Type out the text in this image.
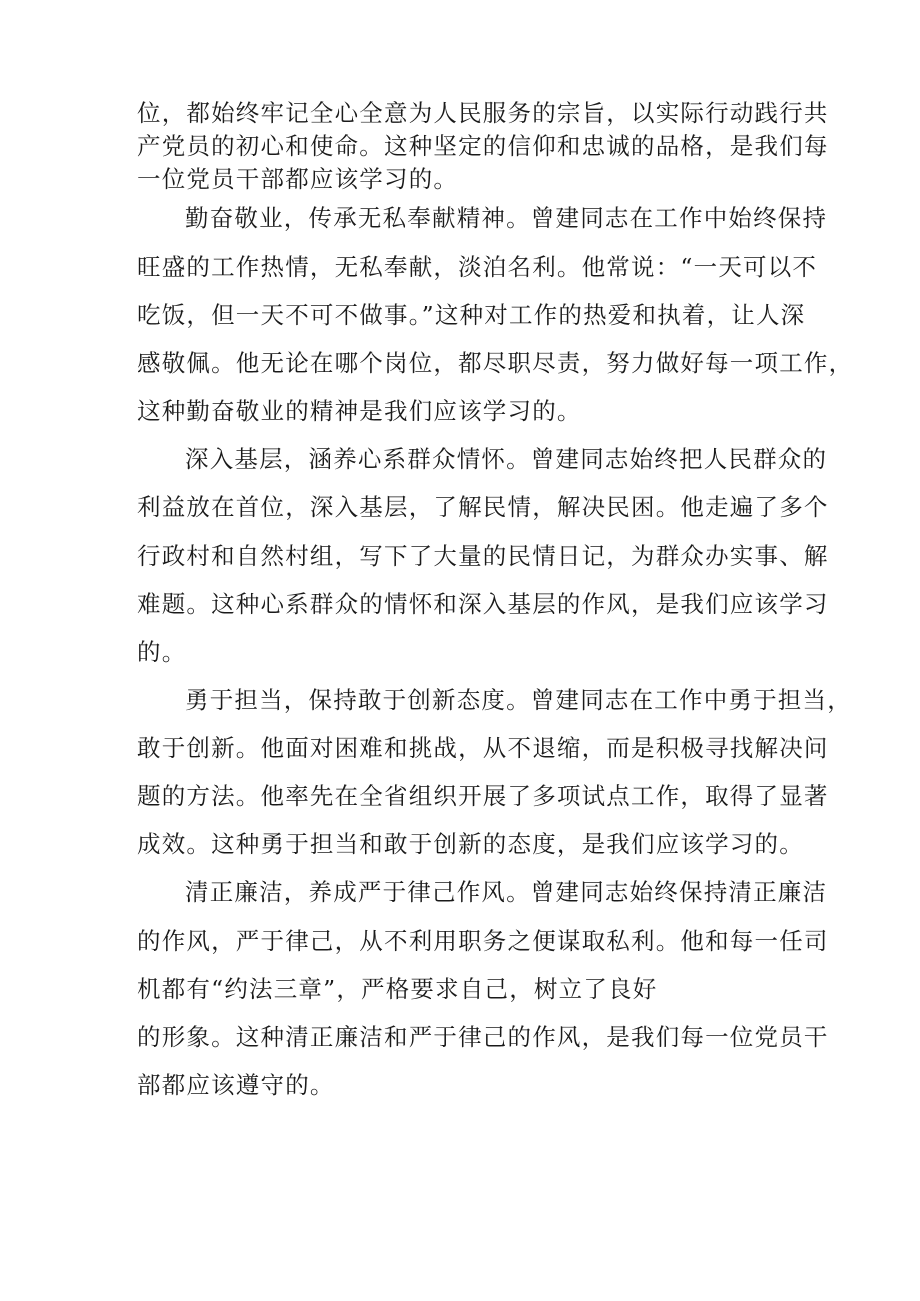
位，都始终牢记全心全意为人民服务的宗旨，以实际行动践行共
产党员的初心和使命。这种坚定的信仰和忠诚的品格，是我们每
一位党员干部都应该学习的。
勤奋敬业，传承无私奉献精神。曾建同志在工作中始终保持
旺盛的工作热情，无私奉献，淡泊名利。他常说：“一天可以不
吃饭，但一天不可不做事。”这种对工作的热爱和执着，让人深
感敬佩。他无论在哪个岗位，都尽职尽责，努力做好每一项工作，
这种勤奋敬业的精神是我们应该学习的。
深入基层，涵养心系群众情怀。曾建同志始终把人民群众的
利益放在首位，深入基层，了解民情，解决民困。他走遍了多个
行政村和自然村组，写下了大量的民情日记，为群众办实事、解
难题。这种心系群众的情怀和深入基层的作风，是我们应该学习
的。
勇于担当，保持敢于创新态度。曾建同志在工作中勇于担当，
敢于创新。他面对困难和挑战，从不退缩，而是积极寻找解决问
题的方法。他率先在全省组织开展了多项试点工作，取得了显著
成效。这种勇于担当和敢于创新的态度，是我们应该学习的。
清正廉洁，养成严于律己作风。曾建同志始终保持清正廉洁
的作风，严于律己，从不利用职务之便谋取私利。他和每一任司
机都有“约法三章”，严格要求自己，树立了良好
的形象。这种清正廉洁和严于律己的作风，是我们每一位党员干
部都应该遵守的。
